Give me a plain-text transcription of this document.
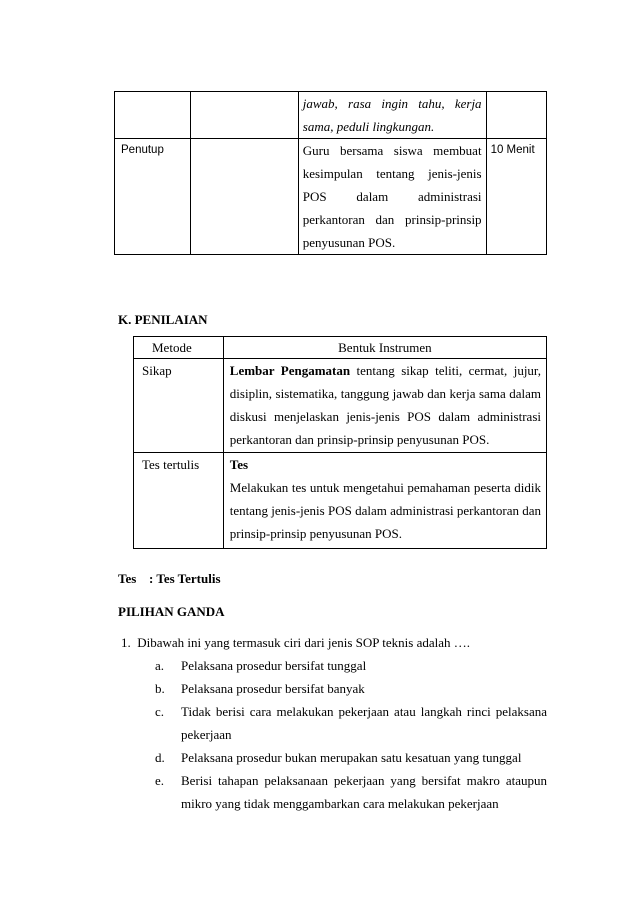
		jawab, rasa ingin tahu, kerja
sama, peduli lingkungan.	

Penutup		Guru bersama siswa membuat
kesimpulan tentang jenis-jenis
POS dalam administrasi
perkantoran dan prinsip-prinsip
penyusunan POS.	10 Menit
K. PENILAIAN
Metode	Bentuk Instrumen

Sikap	Lembar Pengamatan tentang sikap teliti, cermat, jujur,
disiplin, sistematika, tanggung jawab dan kerja sama dalam
diskusi menjelaskan jenis-jenis POS dalam administrasi
perkantoran dan prinsip-prinsip penyusunan POS.

Tes tertulis	Tes
Melakukan tes untuk mengetahui pemahaman peserta didik
tentang jenis-jenis POS dalam administrasi perkantoran dan
prinsip-prinsip penyusunan POS.
Tes : Tes Tertulis
PILIHAN GANDA
1. Dibawah ini yang termasuk ciri dari jenis SOP teknis adalah ….
a. Pelaksana prosedur bersifat tunggal
b. Pelaksana prosedur bersifat banyak
c. Tidak berisi cara melakukan pekerjaan atau langkah rinci pelaksana
pekerjaan
d. Pelaksana prosedur bukan merupakan satu kesatuan yang tunggal
e. Berisi tahapan pelaksanaan pekerjaan yang bersifat makro ataupun
mikro yang tidak menggambarkan cara melakukan pekerjaan
